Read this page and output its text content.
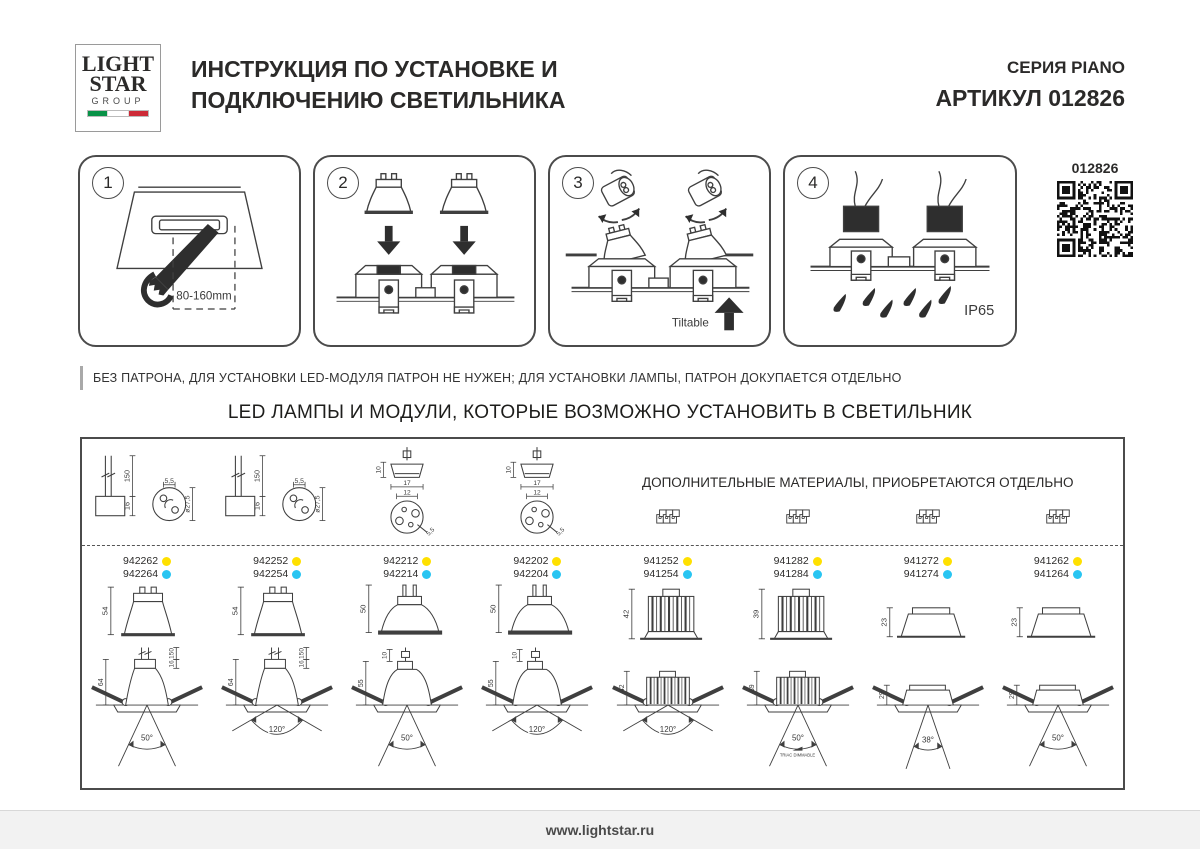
LIGHT
STAR
GROUP
ИНСТРУКЦИЯ ПО УСТАНОВКЕ И
ПОДКЛЮЧЕНИЮ СВЕТИЛЬНИКА
СЕРИЯ PIANO
АРТИКУЛ 012826
1
80-160mm
2	3
Tiltable
4
IP65
012826
БЕЗ ПАТРОНА, ДЛЯ УСТАНОВКИ LED-МОДУЛЯ ПАТРОН НЕ НУЖЕН; ДЛЯ УСТАНОВКИ ЛАМПЫ, ПАТРОН ДОКУПАЕТСЯ ОТДЕЛЬНО
LED ЛАМПЫ И МОДУЛИ, КОТОРЫЕ ВОЗМОЖНО УСТАНОВИТЬ В СВЕТИЛЬНИК
150
16
5,5
ø27,5
150
16
5,5
ø27,5
10
17
12
5,5
10
17
12
5,5
ДОПОЛНИТЕЛЬНЫЕ МАТЕРИАЛЫ, ПРИОБРЕТАЮТСЯ ОТДЕЛЬНО
942262
942264
54
150
16
64
50°
942252
942254
54
150
16
64
120°
942212
942214
50
10
55
50°
942202
942204
50
10
55
120°
941252
941254
42
42
120°
941282
941284
39
39
50°
TRIAC DIMMABLE
941272
941274
23
29
38°
941262
941264
23
29
50°
www.lightstar.ru
